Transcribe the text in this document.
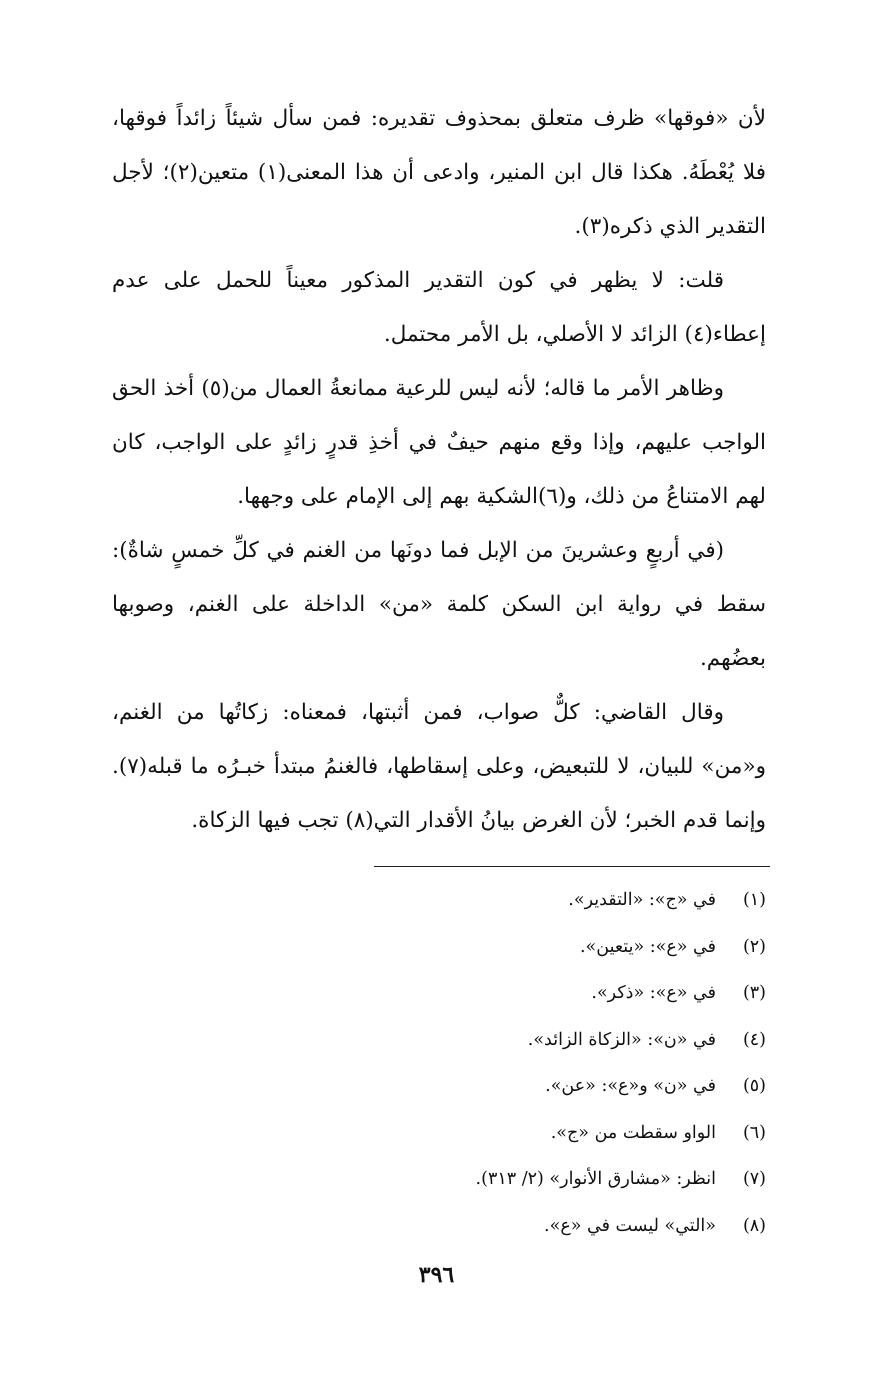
لأن «فوقها» ظرف متعلق بمحذوف تقديره: فمن سأل شيئاً زائداً فوقها، فلا يُعْطَهُ. هكذا قال ابن المنير، وادعى أن هذا المعنى(١) متعين(٢)؛ لأجل التقدير الذي ذكره(٣).

قلت: لا يظهر في كون التقدير المذكور معيناً للحمل على عدم إعطاء(٤) الزائد لا الأصلي، بل الأمر محتمل.

وظاهر الأمر ما قاله؛ لأنه ليس للرعية ممانعةُ العمال من(٥) أخذ الحق الواجب عليهم، وإذا وقع منهم حيفٌ في أخذِ قدرٍ زائدٍ على الواجب، كان لهم الامتناعُ من ذلك، و(٦)الشكية بهم إلى الإمام على وجهها.

(في أربعٍ وعشرينَ من الإبل فما دونَها من الغنم في كلِّ خمسٍ شاةٌ): سقط في رواية ابن السكن كلمة «من» الداخلة على الغنم، وصوبها بعضُهم.

وقال القاضي: كلٌّ صواب، فمن أثبتها، فمعناه: زكاتُها من الغنم، و«من» للبيان، لا للتبعيض، وعلى إسقاطها، فالغنمُ مبتدأ خبـرُه ما قبله(٧). وإنما قدم الخبر؛ لأن الغرض بيانُ الأقدار التي(٨) تجب فيها الزكاة.

(١)
في «ج»: «التقدير».
(٢)
في «ع»: «يتعين».
(٣)
في «ع»: «ذكر».
(٤)
في «ن»: «الزكاة الزائد».
(٥)
في «ن» و«ع»: «عن».
(٦)
الواو سقطت من «ج».
(٧)
انظر: «مشارق الأنوار» (٢/ ٣١٣).
(٨)
«التي» ليست في «ع».
٣٩٦
